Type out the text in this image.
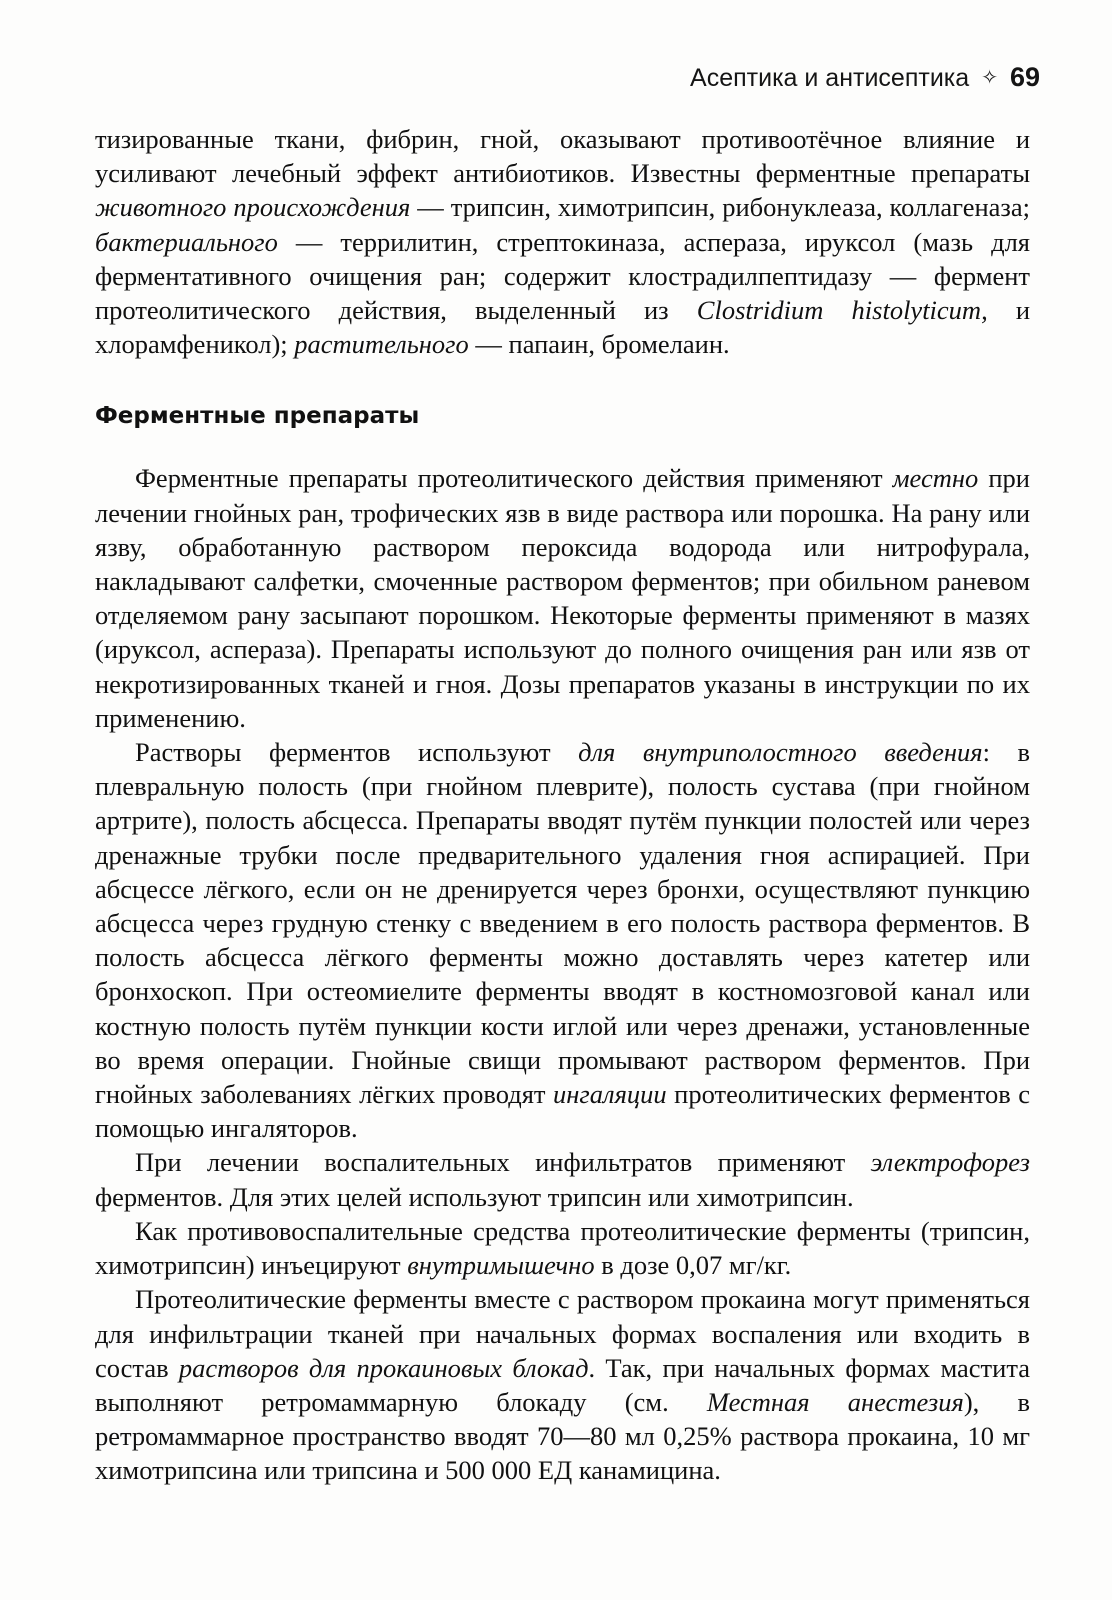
Асептика и антисептика ✧ 69

тизированные ткани, фибрин, гной, оказывают противоотёчное влияние и усиливают лечебный эффект антибиотиков. Известны ферментные препараты животного происхождения — трипсин, химотрипсин, рибонуклеаза, коллагеназа; бактериального — террилитин, стрептокиназа, аспераза, ируксол (мазь для ферментативного очищения ран; содержит клострадилпептидазу — фермент протеолитического действия, выделенный из Clostridium histolyticum, и хлорамфеникол); растительного — папаин, бромелаин.

Ферментные препараты

Ферментные препараты протеолитического действия применяют местно при лечении гнойных ран, трофических язв в виде раствора или порошка. На рану или язву, обработанную раствором пероксида водорода или нитрофурала, накладывают салфетки, смоченные раствором ферментов; при обильном раневом отделяемом рану засыпают порошком. Некоторые ферменты применяют в мазях (ируксол, аспераза). Препараты используют до полного очищения ран или язв от некротизированных тканей и гноя. Дозы препаратов указаны в инструкции по их применению.

Растворы ферментов используют для внутриполостного введения: в плевральную полость (при гнойном плеврите), полость сустава (при гнойном артрите), полость абсцесса. Препараты вводят путём пункции полостей или через дренажные трубки после предварительного удаления гноя аспирацией. При абсцессе лёгкого, если он не дренируется через бронхи, осуществляют пункцию абсцесса через грудную стенку с введением в его полость раствора ферментов. В полость абсцесса лёгкого ферменты можно доставлять через катетер или бронхоскоп. При остеомиелите ферменты вводят в костномозговой канал или костную полость путём пункции кости иглой или через дренажи, установленные во время операции. Гнойные свищи промывают раствором ферментов. При гнойных заболеваниях лёгких проводят ингаляции протеолитических ферментов с помощью ингаляторов.

При лечении воспалительных инфильтратов применяют электрофорез ферментов. Для этих целей используют трипсин или химотрипсин.

Как противовоспалительные средства протеолитические ферменты (трипсин, химотрипсин) инъецируют внутримышечно в дозе 0,07 мг/кг.

Протеолитические ферменты вместе с раствором прокаина могут применяться для инфильтрации тканей при начальных формах воспаления или входить в состав растворов для прокаиновых блокад. Так, при начальных формах мастита выполняют ретромаммарную блокаду (см. Местная анестезия), в ретромаммарное пространство вводят 70—80 мл 0,25% раствора прокаина, 10 мг химотрипсина или трипсина и 500 000 ЕД канамицина.
